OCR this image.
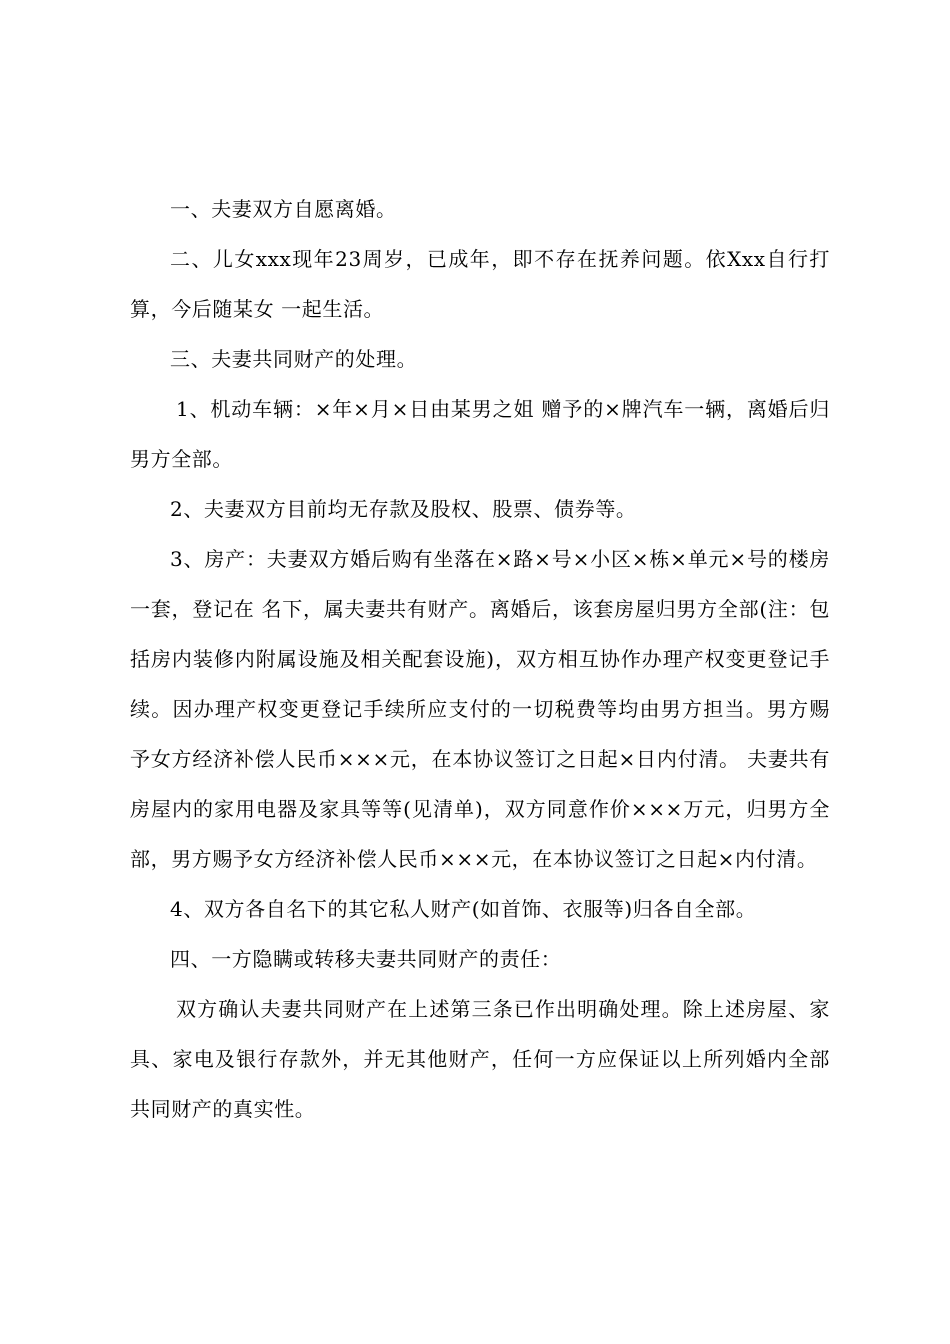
一、夫妻双方自愿离婚。

二、儿女xxx现年23周岁，已成年，即不存在抚养问题。依Xxx自行打算，今后随某女 一起生活。

三、夫妻共同财产的处理。

1、机动车辆：×年×月×日由某男之姐 赠予的×牌汽车一辆，离婚后归男方全部。

2、夫妻双方目前均无存款及股权、股票、债券等。

3、房产：夫妻双方婚后购有坐落在×路×号×小区×栋×单元×号的楼房一套，登记在 名下，属夫妻共有财产。离婚后，该套房屋归男方全部(注：包括房内装修内附属设施及相关配套设施)，双方相互协作办理产权变更登记手续。因办理产权变更登记手续所应支付的一切税费等均由男方担当。男方赐予女方经济补偿人民币×××元，在本协议签订之日起×日内付清。 夫妻共有房屋内的家用电器及家具等等(见清单)，双方同意作价×××万元，归男方全部，男方赐予女方经济补偿人民币×××元，在本协议签订之日起×内付清。

4、双方各自名下的其它私人财产(如首饰、衣服等)归各自全部。

四、一方隐瞒或转移夫妻共同财产的责任：

双方确认夫妻共同财产在上述第三条已作出明确处理。除上述房屋、家具、家电及银行存款外，并无其他财产，任何一方应保证以上所列婚内全部共同财产的真实性。
